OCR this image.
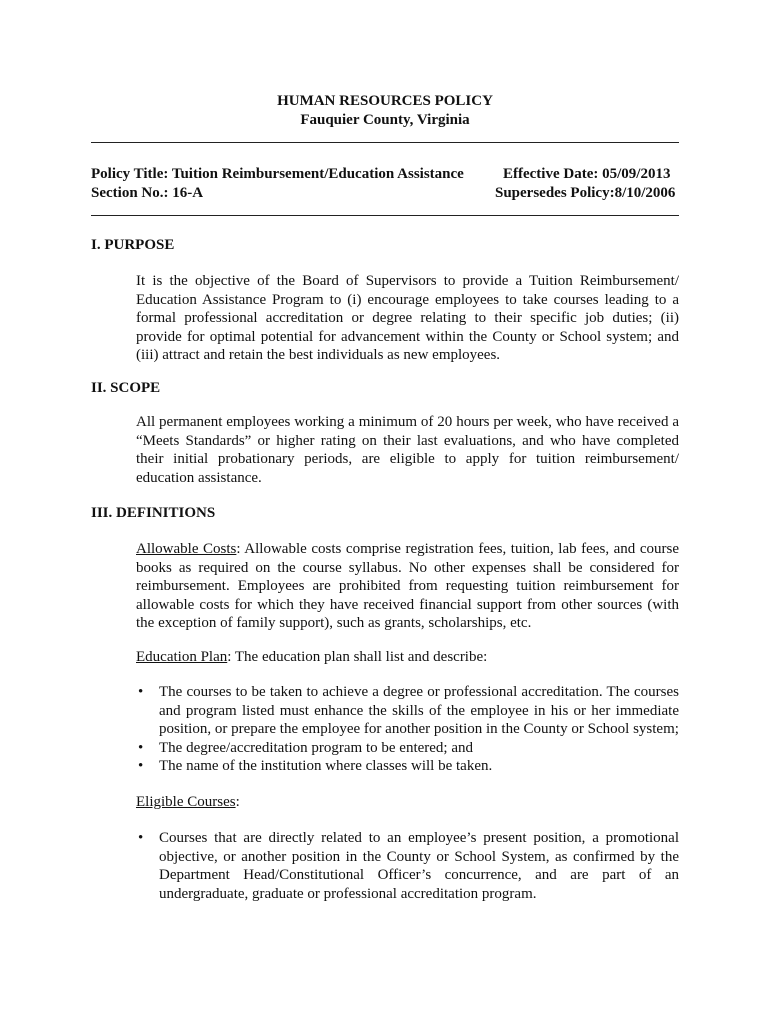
HUMAN RESOURCES POLICY
Fauquier County, Virginia
Policy Title: Tuition Reimbursement/Education Assistance
Section No.: 16-A
Effective Date: 05/09/2013
Supersedes Policy:8/10/2006
I. PURPOSE

It is the objective of the Board of Supervisors to provide a Tuition Reimbursement/ Education Assistance Program to (i) encourage employees to take courses leading to a formal professional accreditation or degree relating to their specific job duties; (ii) provide for optimal potential for advancement within the County or School system; and (iii) attract and retain the best individuals as new employees.

II. SCOPE

All permanent employees working a minimum of 20 hours per week, who have received a “Meets Standards” or higher rating on their last evaluations, and who have completed their initial probationary periods, are eligible to apply for tuition reimbursement/ education assistance.

III. DEFINITIONS

Allowable Costs: Allowable costs comprise registration fees, tuition, lab fees, and course books as required on the course syllabus. No other expenses shall be considered for reimbursement. Employees are prohibited from requesting tuition reimbursement for allowable costs for which they have received financial support from other sources (with the exception of family support), such as grants, scholarships, etc.

Education Plan: The education plan shall list and describe:

• The courses to be taken to achieve a degree or professional accreditation. The courses and program listed must enhance the skills of the employee in his or her immediate position, or prepare the employee for another position in the County or School system;
• The degree/accreditation program to be entered; and
• The name of the institution where classes will be taken.

Eligible Courses:

• Courses that are directly related to an employee’s present position, a promotional objective, or another position in the County or School System, as confirmed by the Department Head/Constitutional Officer’s concurrence, and are part of an undergraduate, graduate or professional accreditation program.
